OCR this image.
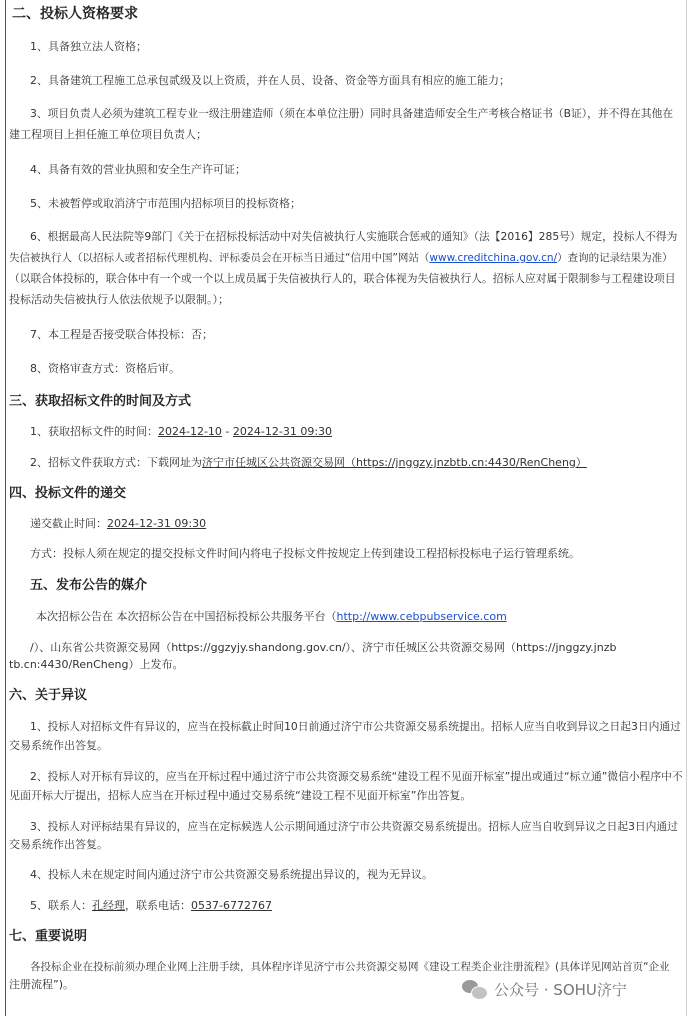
二、投标人资格要求
1、具备独立法人资格；
2、具备建筑工程施工总承包贰级及以上资质，并在人员、设备、资金等方面具有相应的施工能力；
3、项目负责人必须为建筑工程专业一级注册建造师（须在本单位注册）同时具备建造师安全生产考核合格证书（B证），并不得在其他在
建工程项目上担任施工单位项目负责人；
4、具备有效的营业执照和安全生产许可证；
5、未被暂停或取消济宁市范围内招标项目的投标资格；
6、根据最高人民法院等9部门《关于在招标投标活动中对失信被执行人实施联合惩戒的通知》（法【2016】285号）规定，投标人不得为
失信被执行人（以招标人或者招标代理机构、评标委员会在开标当日通过“信用中国”网站（www.creditchina.gov.cn/）查询的记录结果为准）
（以联合体投标的，联合体中有一个或一个以上成员属于失信被执行人的，联合体视为失信被执行人。招标人应对属于限制参与工程建设项目
投标活动失信被执行人依法依规予以限制。）；
7、本工程是否接受联合体投标：否；
8、资格审查方式：资格后审。
三、获取招标文件的时间及方式
1、获取招标文件的时间：2024-12-10 - 2024-12-31 09:30
2、招标文件获取方式：下载网址为济宁市任城区公共资源交易网（https://jnggzy.jnzbtb.cn:4430/RenCheng）
四、投标文件的递交
递交截止时间：2024-12-31 09:30
方式：投标人须在规定的提交投标文件时间内将电子投标文件按规定上传到建设工程招标投标电子运行管理系统。
五、发布公告的媒介
本次招标公告在 本次招标公告在中国招标投标公共服务平台（http://www.cebpubservice.com
/）、山东省公共资源交易网（https://ggzyjy.shandong.gov.cn/）、济宁市任城区公共资源交易网（https://jnggzy.jnzb
tb.cn:4430/RenCheng）上发布。
六、关于异议
1、投标人对招标文件有异议的，应当在投标截止时间10日前通过济宁市公共资源交易系统提出。招标人应当自收到异议之日起3日内通过
交易系统作出答复。
2、投标人对开标有异议的，应当在开标过程中通过济宁市公共资源交易系统“建设工程不见面开标室”提出或通过“标立通”微信小程序中不
见面开标大厅提出，招标人应当在开标过程中通过交易系统“建设工程不见面开标室”作出答复。
3、投标人对评标结果有异议的，应当在定标候选人公示期间通过济宁市公共资源交易系统提出。招标人应当自收到异议之日起3日内通过
交易系统作出答复。
4、投标人未在规定时间内通过济宁市公共资源交易系统提出异议的，视为无异议。
5、联系人：孔经理，联系电话：0537-6772767
七、重要说明
各投标企业在投标前须办理企业网上注册手续，具体程序详见济宁市公共资源交易网《建设工程类企业注册流程》(具体详见网站首页“企业
注册流程”)。	公众号 · SOHU济宁
